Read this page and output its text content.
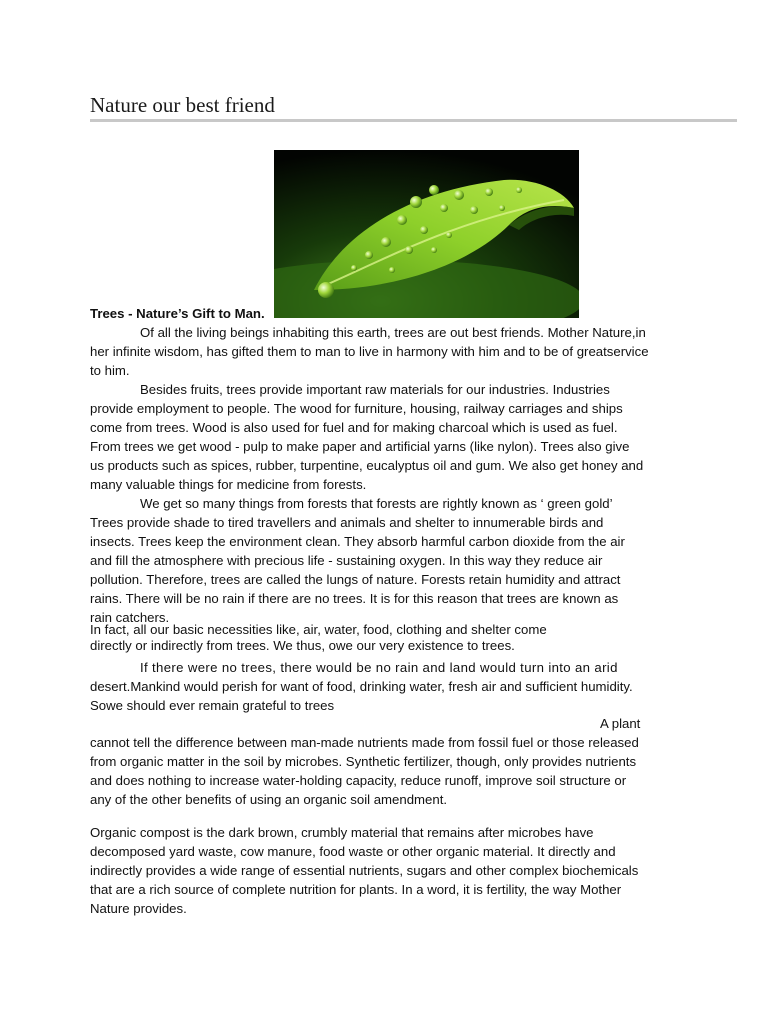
Nature our best friend
Trees - Nature’s Gift to Man.
Of all the living beings inhabiting this earth, trees are out best friends. Mother Nature,in
her infinite wisdom, has gifted them to man to live in harmony with him and to be of greatservice
to him.
Besides fruits, trees provide important raw materials for our industries. Industries
provide employment to people. The wood for furniture, housing, railway carriages and ships
come from trees. Wood is also used for fuel and for making charcoal which is used as fuel.
From trees we get wood - pulp to make paper and artificial yarns (like nylon). Trees also give
us products such as spices, rubber, turpentine, eucalyptus oil and gum. We also get honey and
many valuable things for medicine from forests.
We get so many things from forests that forests are rightly known as ‘ green gold’
Trees provide shade to tired travellers and animals and shelter to innumerable birds and
insects. Trees keep the environment clean. They absorb harmful carbon dioxide from the air
and fill the atmosphere with precious life - sustaining oxygen. In this way they reduce air
pollution. Therefore, trees are called the lungs of nature. Forests retain humidity and attract
rains. There will be no rain if there are no trees. It is for this reason that trees are known as
rain catchers.
In fact, all our basic necessities like, air, water, food, clothing and shelter come
directly or indirectly from trees. We thus, owe our very existence to trees.
If there were no trees, there would be no rain and land would turn into an arid
desert.Mankind would perish for want of food, drinking water, fresh air and sufficient humidity.
Sowe should ever remain grateful to trees
A plant
cannot tell the difference between man-made nutrients made from fossil fuel or those released
from organic matter in the soil by microbes. Synthetic fertilizer, though, only provides nutrients
and does nothing to increase water-holding capacity, reduce runoff, improve soil structure or
any of the other benefits of using an organic soil amendment.
Organic compost is the dark brown, crumbly material that remains after microbes have
decomposed yard waste, cow manure, food waste or other organic material. It directly and
indirectly provides a wide range of essential nutrients, sugars and other complex biochemicals
that are a rich source of complete nutrition for plants. In a word, it is fertility, the way Mother
Nature provides.
